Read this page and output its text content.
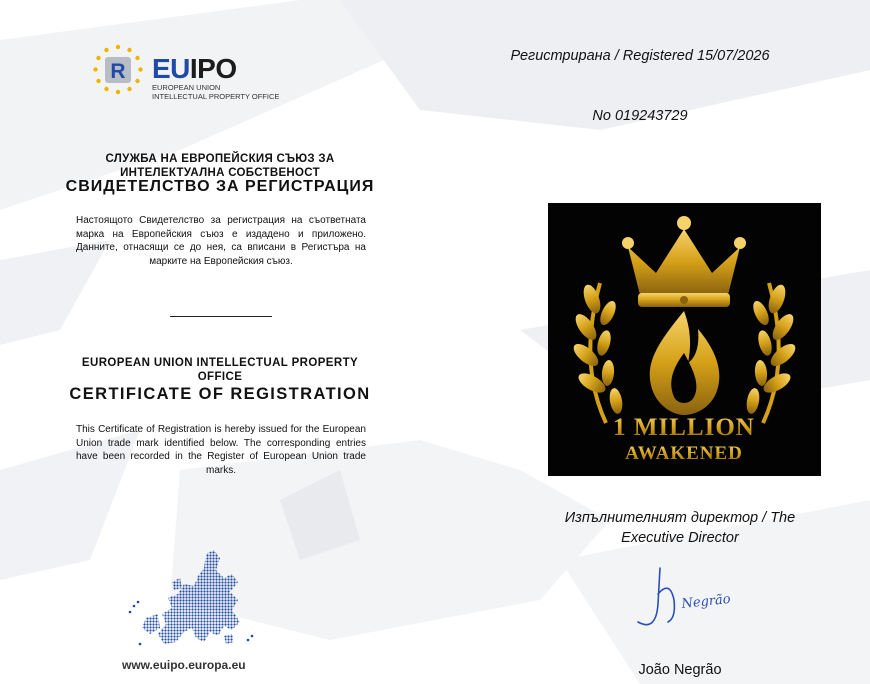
R EUIPO
EUROPEAN UNION
INTELLECTUAL PROPERTY OFFICE
СЛУЖБА НА ЕВРОПЕЙСКИЯ СЪЮЗ ЗА
ИНТЕЛЕКТУАЛНА СОБСТВЕНОСТ
СВИДЕТЕЛСТВО ЗА РЕГИСТРАЦИЯ
Настоящото Свидетелство за регистрация на съответната марка на Европейския съюз е издадено и приложено. Данните, отнасящи се до нея, са вписани в Регистъра на марките на Европейския съюз.
EUROPEAN UNION INTELLECTUAL PROPERTY
OFFICE
CERTIFICATE OF REGISTRATION
This Certificate of Registration is hereby issued for the European Union trade mark identified below. The corresponding entries have been recorded in the Register of European Union trade marks.
www.euipo.europa.eu
Регистрирана / Registered 15/07/2026
No 019243729
1 MILLION
AWAKENED
Изпълнителният директор / The
Executive Director
Negrão
João Negrão
